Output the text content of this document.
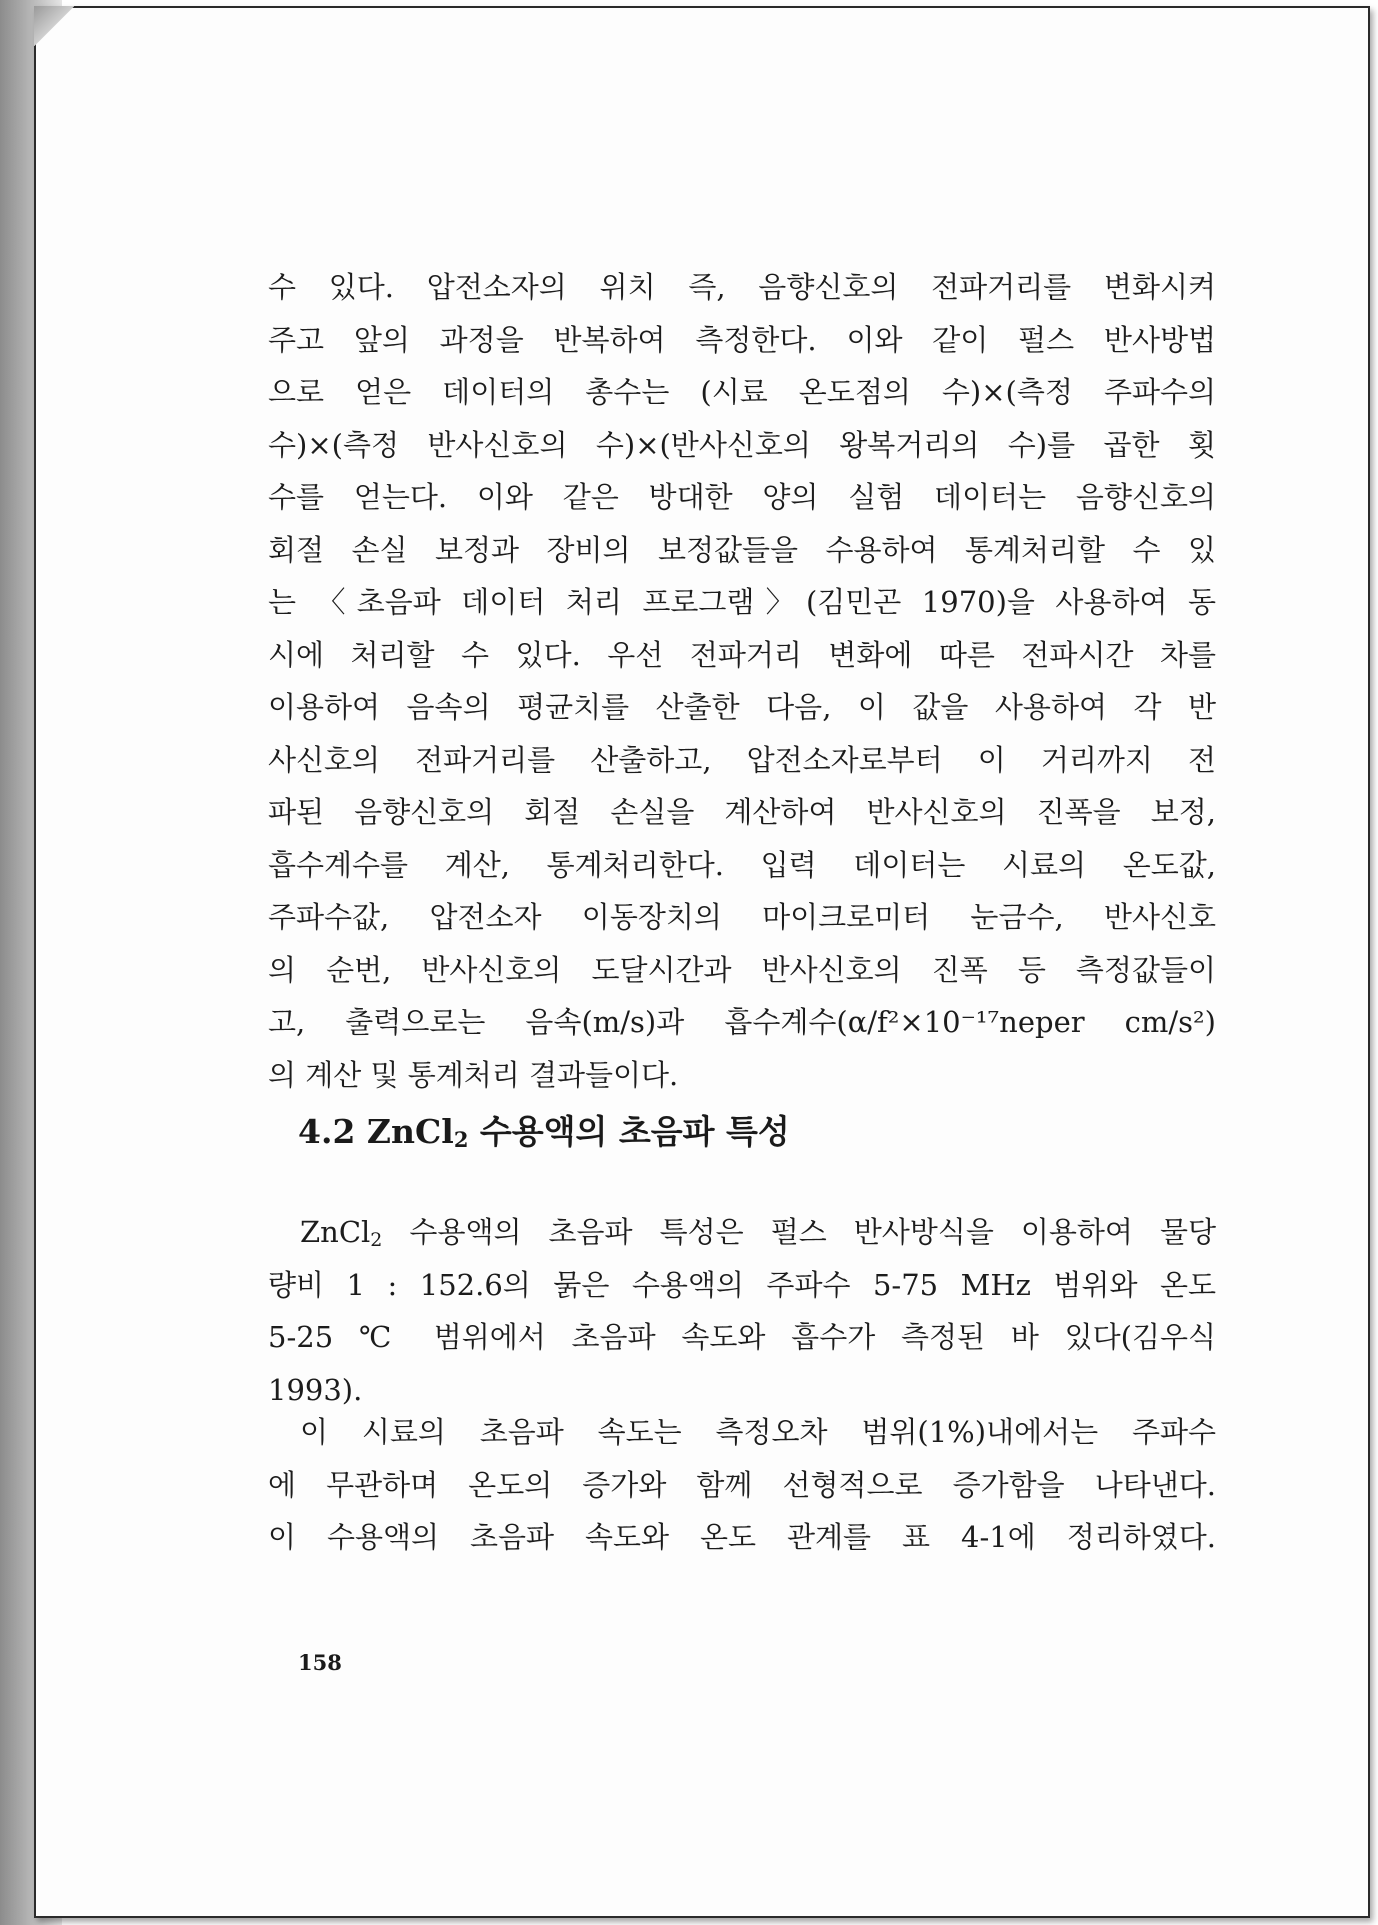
수 있다. 압전소자의 위치 즉, 음향신호의 전파거리를 변화시켜
주고 앞의 과정을 반복하여 측정한다. 이와 같이 펄스 반사방법
으로 얻은 데이터의 총수는 (시료 온도점의 수)×(측정 주파수의
수)×(측정 반사신호의 수)×(반사신호의 왕복거리의 수)를 곱한 횟
수를 얻는다. 이와 같은 방대한 양의 실험 데이터는 음향신호의
회절 손실 보정과 장비의 보정값들을 수용하여 통계처리할 수 있
는 〈초음파 데이터 처리 프로그램〉(김민곤 1970)을 사용하여 동
시에 처리할 수 있다. 우선 전파거리 변화에 따른 전파시간 차를
이용하여 음속의 평균치를 산출한 다음, 이 값을 사용하여 각 반
사신호의 전파거리를 산출하고, 압전소자로부터 이 거리까지 전
파된 음향신호의 회절 손실을 계산하여 반사신호의 진폭을 보정,
흡수계수를 계산, 통계처리한다. 입력 데이터는 시료의 온도값,
주파수값, 압전소자 이동장치의 마이크로미터 눈금수, 반사신호
의 순번, 반사신호의 도달시간과 반사신호의 진폭 등 측정값들이
고, 출력으로는 음속(m/s)과 흡수계수(α/f²×10⁻¹⁷neper cm/s²)
의 계산 및 통계처리 결과들이다.
4.2 ZnCl2 수용액의 초음파 특성
ZnCl2 수용액의 초음파 특성은 펄스 반사방식을 이용하여 물당
량비 1 : 152.6의 묽은 수용액의 주파수 5-75 MHz 범위와 온도
5-25 ℃ 범위에서 초음파 속도와 흡수가 측정된 바 있다(김우식
1993).
이 시료의 초음파 속도는 측정오차 범위(1%)내에서는 주파수
에 무관하며 온도의 증가와 함께 선형적으로 증가함을 나타낸다.
이 수용액의 초음파 속도와 온도 관계를 표 4-1에 정리하였다.
158
